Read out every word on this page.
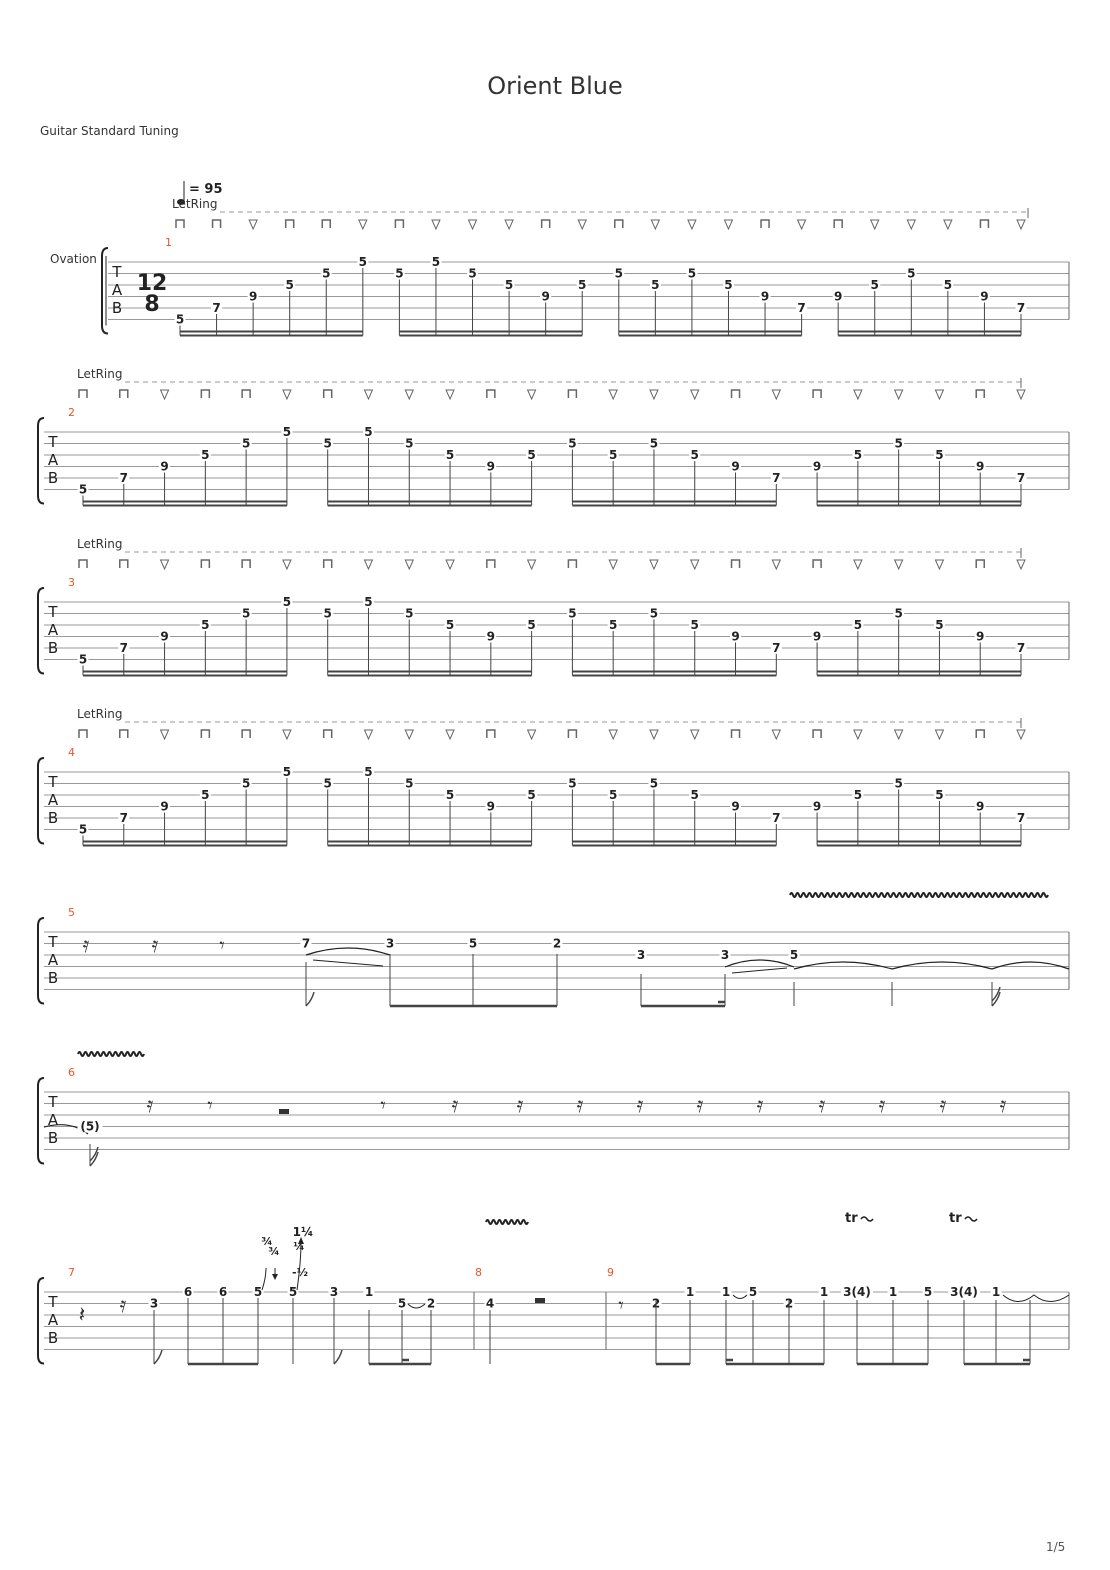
Orient Blue
Guitar Standard Tuning
1/5
= 95
Ovation
T
A
B
12
8
5
7
9
5
5
5
5
5
5
5
9
5
5
5
5
5
9
7
9
5
5
5
9
7
1
LetRing
T
A
B
5
7
9
5
5
5
5
5
5
5
9
5
5
5
5
5
9
7
9
5
5
5
9
7
2
LetRing
T
A
B
5
7
9
5
5
5
5
5
5
5
9
5
5
5
5
5
9
7
9
5
5
5
9
7
3
LetRing
T
A
B
5
7
9
5
5
5
5
5
5
5
9
5
5
5
5
5
9
7
9
5
5
5
9
7
4
LetRing
T
A
B
𝄿	𝄿	𝄾	7	3	5	2
3	3	5
5
T
A
B
(5)
𝄿	𝄾	𝄾	𝄿	𝄿 𝄿 𝄿 𝄿 𝄿	𝄿 𝄿 𝄿 𝄿
6
T
A
B
𝄽 𝄿 3
6	5 5	3 1
6
5 2
¾
¾
1¼
¼
-½
4	𝄾 2
1 1 5
2
1 3(4) 1 5 3(4) 1
7	8	9
tr	tr
